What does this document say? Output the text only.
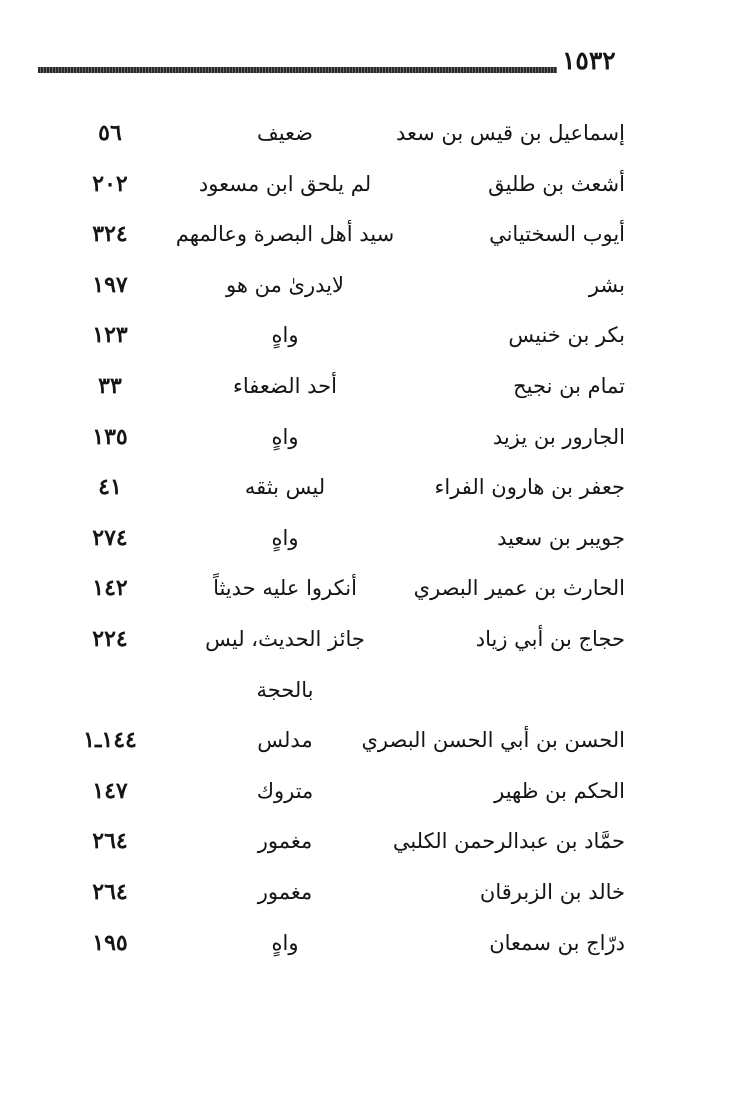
١٥٣٢
إسماعيل بن قيس بن سعد
ضعيف
٥٦
أشعث بن طليق
لم يلحق ابن مسعود
٢٠٢
أيوب السختياني
سيد أهل البصرة وعالمهم
٣٢٤
بشر
لايدرىٰ من هو
١٩٧
بكر بن خنيس
واهٍ
١٢٣
تمام بن نجيح
أحد الضعفاء
٣٣
الجارور بن يزيد
واهٍ
١٣٥
جعفر بن هارون الفراء
ليس بثقه
٤١
جويبر بن سعيد
واهٍ
٢٧٤
الحارث بن عمير البصري
أنكروا عليه حديثاً
١٤٢
حجاج بن أبي زياد
جائز الحديث، ليس
٢٢٤
بالحجة
الحسن بن أبي الحسن البصري
مدلس
١٤٤ـ١
الحكم بن ظهير
متروك
١٤٧
حمَّاد بن عبدالرحمن الكلبي
مغمور
٢٦٤
خالد بن الزبرقان
مغمور
٢٦٤
درّاج بن سمعان
واهٍ
١٩٥
